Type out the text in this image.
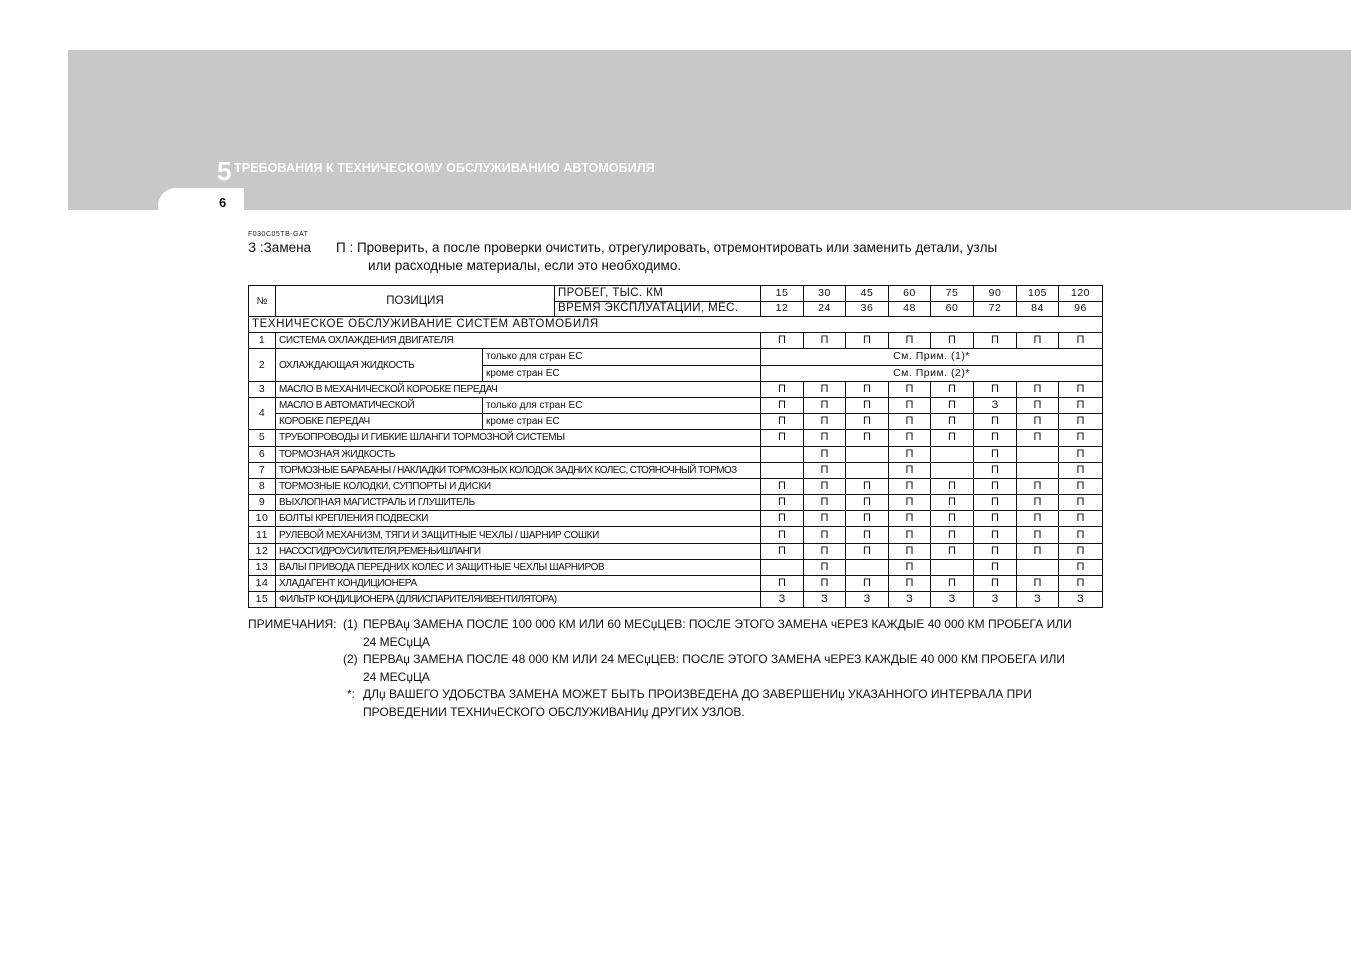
5 ТРЕБОВАНИЯ К ТЕХНИЧЕСКОМУ ОБСЛУЖИВАНИЮ АВТОМОБИЛЯ
6
F030C05TB-GAT
З :Замена П : Проверить, а после проверки очистить, отрегулировать, отремонтировать или заменить детали, узлы
или расходные материалы, если это необходимо.
№	ПОЗИЦИЯ		ПРОБЕГ, ТЫС. КМ	15	30	45	60	75	90	105	120
			ВРЕМЯ ЭКСПЛУАТАЦИИ, МЕС.	12	24	36	48	60	72	84	96
ТЕХНИЧЕСКОЕ ОБСЛУЖИВАНИЕ СИСТЕМ АВТОМОБИЛЯ											
1	СИСТЕМА ОХЛАЖДЕНИЯ ДВИГАТЕЛЯ			П	П	П	П	П	П	П	П
2	ОХЛАЖДАЮЩАЯ ЖИДКОСТЬ	только для стран ЕС		См. Прим. (1)*							
		кроме стран ЕС		См. Прим. (2)*							
3	МАСЛО В МЕХАНИЧЕСКОЙ КОРОБКЕ ПЕРЕДАЧ			П	П	П	П	П	П	П	П
4	МАСЛО В АВТОМАТИЧЕСКОЙ	только для стран ЕС		П	П	П	П	П	З	П	П
	КОРОБКЕ ПЕРЕДАЧ	кроме стран ЕС		П	П	П	П	П	П	П	П
5	ТРУБОПРОВОДЫ И ГИБКИЕ ШЛАНГИ ТОРМОЗНОЙ СИСТЕМЫ			П	П	П	П	П	П	П	П
6	ТОРМОЗНАЯ ЖИДКОСТЬ				П		П		П		П
7	ТОРМОЗНЫЕ БАРАБАНЫ / НАКЛАДКИ ТОРМОЗНЫХ КОЛОДОК ЗАДНИХ КОЛЕС, СТОЯНОЧНЫЙ ТОРМОЗ				П		П		П		П
8	ТОРМОЗНЫЕ КОЛОДКИ, СУППОРТЫ И ДИСКИ			П	П	П	П	П	П	П	П
9	ВЫХЛОПНАЯ МАГИСТРАЛЬ И ГЛУШИТЕЛЬ			П	П	П	П	П	П	П	П
10	БОЛТЫ КРЕПЛЕНИЯ ПОДВЕСКИ			П	П	П	П	П	П	П	П
11	РУЛЕВОЙ МЕХАНИЗМ, ТЯГИ И ЗАЩИТНЫЕ ЧЕХЛЫ / ШАРНИР СОШКИ			П	П	П	П	П	П	П	П
12	НАСОСГИДРОУСИЛИТЕЛЯ,РЕМЕНЬИШЛАНГИ			П	П	П	П	П	П	П	П
13	ВАЛЫ ПРИВОДА ПЕРЕДНИХ КОЛЕС И ЗАЩИТНЫЕ ЧЕХЛЫ ШАРНИРОВ				П		П		П		П
14	ХЛАДАГЕНТ КОНДИЦИОНЕРА			П	П	П	П	П	П	П	П
15	ФИЛЬТР КОНДИЦИОНЕРА (ДЛЯИСПАРИТЕЛЯИВЕНТИЛЯТОРА)			З	З	З	З	З	З	З	З
ПРИМЕЧАНИЯ: (1) ПЕРВАџ ЗАМЕНА ПОСЛЕ 100 000 КМ ИЛИ 60 МЕСџЦЕВ: ПОСЛЕ ЭТОГО ЗАМЕНА чЕРЕЗ КАЖДЫЕ 40 000 КМ ПРОБЕГА ИЛИ
24 МЕСџЦА
(2) ПЕРВАџ ЗАМЕНА ПОСЛЕ 48 000 КМ ИЛИ 24 МЕСџЦЕВ: ПОСЛЕ ЭТОГО ЗАМЕНА чЕРЕЗ КАЖДЫЕ 40 000 КМ ПРОБЕГА ИЛИ
24 МЕСџЦА
*: ДЛџ ВАШЕГО УДОБСТВА ЗАМЕНА МОЖЕТ БЫТЬ ПРОИЗВЕДЕНА ДО ЗАВЕРШЕНИџ УКАЗАННОГО ИНТЕРВАЛА ПРИ
ПРОВЕДЕНИИ ТЕХНИчЕСКОГО ОБСЛУЖИВАНИџ ДРУГИХ УЗЛОВ.
